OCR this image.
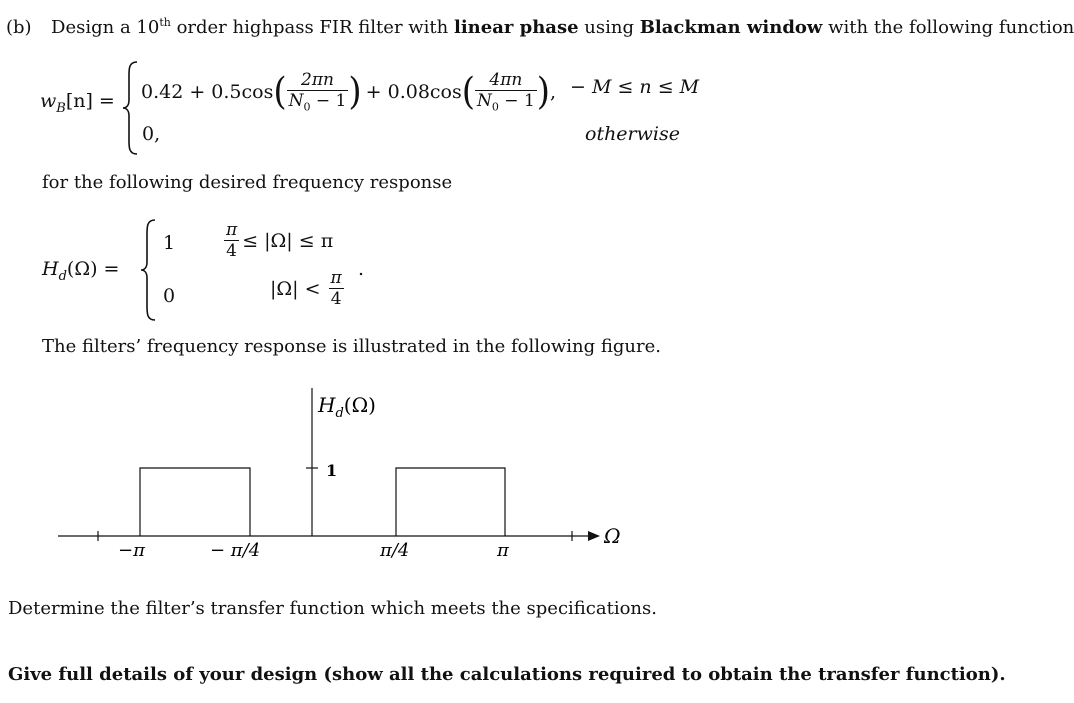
(b) Design a 10th order highpass FIR filter with linear phase using Blackman window with the following function
$w_B[n] = 0.42 + 0.5\cos$ ( $\frac{2\pi n}{N_0 - 1}$ ) + 0.08cos ( $\frac{4\pi n}{N_0 - 1}$ ) , − M ≤ n ≤ M
0,	otherwise
for the following desired frequency response
$H_d(\Omega)$ =
1	$\frac{\pi}{4} \le |\Omega| \le \pi$
0	$|\Omega| < \frac{\pi}{4}$ .
The filters’ frequency response is illustrated in the following figure.
$H_d(\Omega)$
1
Ω
−π	− π/4	π/4	π
Determine the filter’s transfer function which meets the specifications.
Give full details of your design (show all the calculations required to obtain the transfer function).
